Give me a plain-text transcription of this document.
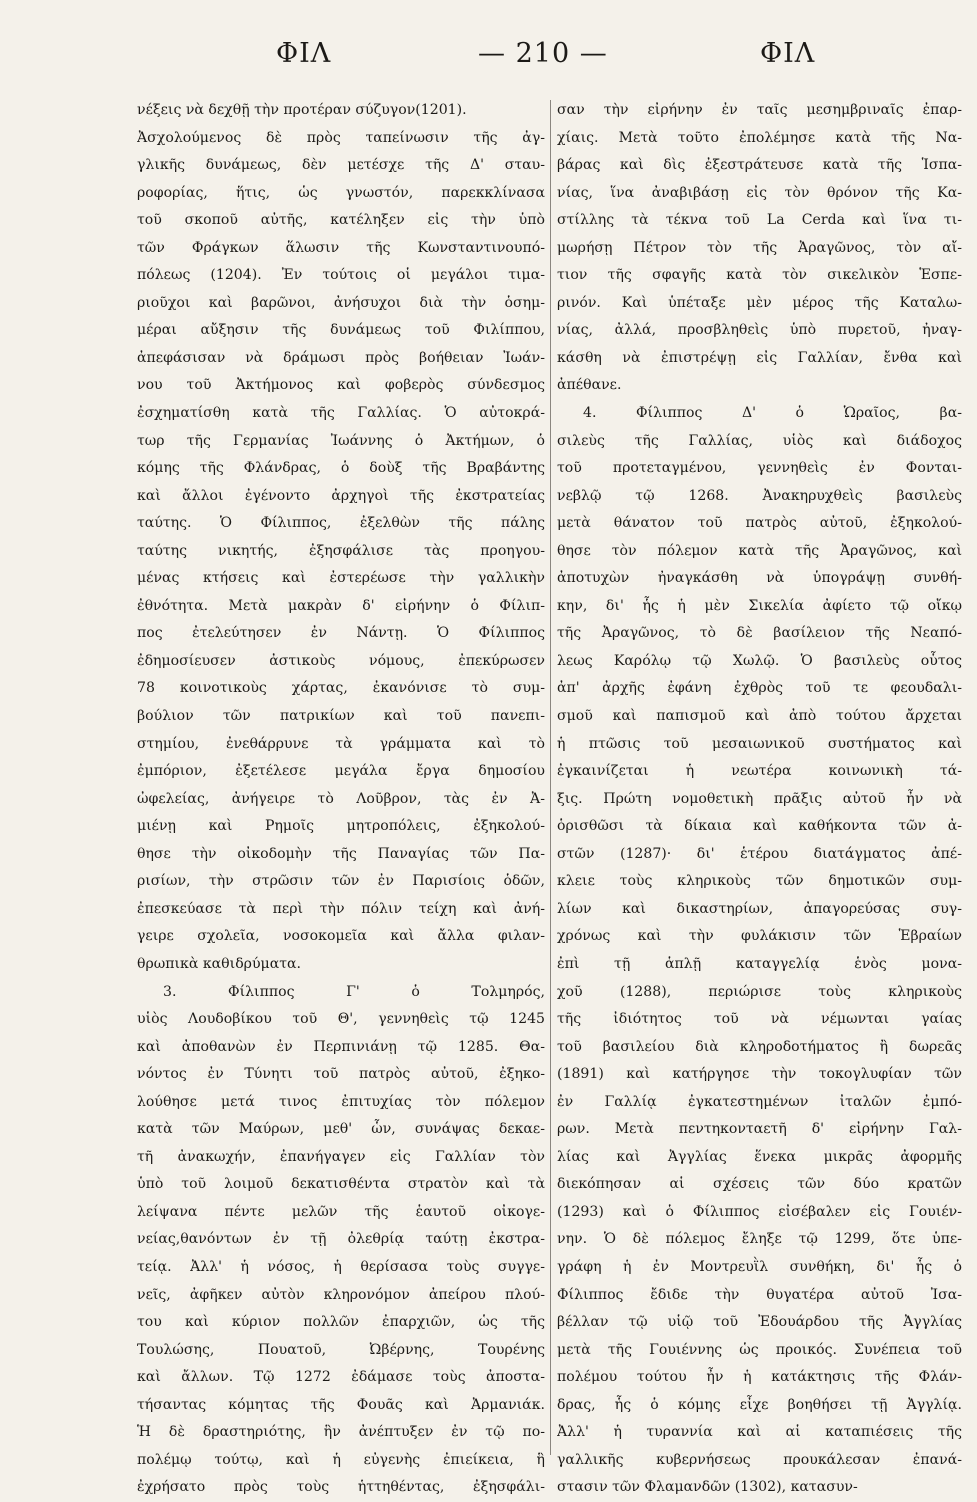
ΦΙΛ	— 210 —	ΦΙΛ
νέξεις νὰ δεχθῇ τὴν προτέραν σύζυγον(1201).
Ἀσχολούμενος δὲ πρὸς ταπείνωσιν τῆς ἀγ-
γλικῆς δυνάμεως, δὲν μετέσχε τῆς Δ' σταυ-
ροφορίας, ἥτις, ὡς γνωστόν, παρεκκλίνασα
τοῦ σκοποῦ αὐτῆς, κατέληξεν εἰς τὴν ὑπὸ
τῶν Φράγκων ἅλωσιν τῆς Κωνσταντινουπό-
πόλεως (1204). Ἐν τούτοις οἱ μεγάλοι τιμα-
ριοῦχοι καὶ βαρῶνοι, ἀνήσυχοι διὰ τὴν ὁσημ-
μέραι αὔξησιν τῆς δυνάμεως τοῦ Φιλίππου,
ἀπεφάσισαν νὰ δράμωσι πρὸς βοήθειαν Ἰωάν-
νου τοῦ Ἀκτήμονος καὶ φοβερὸς σύνδεσμος
ἐσχηματίσθη κατὰ τῆς Γαλλίας. Ὁ αὐτοκρά-
τωρ τῆς Γερμανίας Ἰωάννης ὁ Ἀκτήμων, ὁ
κόμης τῆς Φλάνδρας, ὁ δοὺξ τῆς Βραβάντης
καὶ ἄλλοι ἐγένοντο ἀρχηγοὶ τῆς ἐκστρατείας
ταύτης. Ὁ Φίλιππος, ἐξελθὼν τῆς πάλης
ταύτης νικητής, ἐξησφάλισε τὰς προηγου-
μένας κτήσεις καὶ ἐστερέωσε τὴν γαλλικὴν
ἐθνότητα. Μετὰ μακρὰν δ' εἰρήνην ὁ Φίλιπ-
πος ἐτελεύτησεν ἐν Νάντῃ. Ὁ Φίλιππος
ἐδημοσίευσεν ἀστικοὺς νόμους, ἐπεκύρωσεν
78 κοινοτικοὺς χάρτας, ἐκανόνισε τὸ συμ-
βούλιον τῶν πατρικίων καὶ τοῦ πανεπι-
στημίου, ἐνεθάρρυνε τὰ γράμματα καὶ τὸ
ἐμπόριον, ἐξετέλεσε μεγάλα ἔργα δημοσίου
ὠφελείας, ἀνήγειρε τὸ Λοῦβρον, τὰς ἐν Ἀ-
μιένῃ καὶ Ρημοῖς μητροπόλεις, ἐξηκολού-
θησε τὴν οἰκοδομὴν τῆς Παναγίας τῶν Πα-
ρισίων, τὴν στρῶσιν τῶν ἐν Παρισίοις ὁδῶν,
ἐπεσκεύασε τὰ περὶ τὴν πόλιν τείχη καὶ ἀνή-
γειρε σχολεῖα, νοσοκομεῖα καὶ ἄλλα φιλαν-
θρωπικὰ καθιδρύματα.
3. Φίλιππος Γ' ὁ Τολμηρός,
υἱὸς Λουδοβίκου τοῦ Θ', γεννηθεὶς τῷ 1245
καὶ ἀποθανὼν ἐν Περπινιάνῃ τῷ 1285. Θα-
νόντος ἐν Τύνητι τοῦ πατρὸς αὐτοῦ, ἐξηκο-
λούθησε μετά τινος ἐπιτυχίας τὸν πόλεμον
κατὰ τῶν Μαύρων, μεθ' ὧν, συνάψας δεκαε-
τῆ ἀνακωχήν, ἐπανήγαγεν εἰς Γαλλίαν τὸν
ὑπὸ τοῦ λοιμοῦ δεκατισθέντα στρατὸν καὶ τὰ
λείψανα πέντε μελῶν τῆς ἑαυτοῦ οἰκογε-
νείας,θανόντων ἐν τῇ ὀλεθρίᾳ ταύτῃ ἐκστρα-
τείᾳ. Ἀλλ' ἡ νόσος, ἡ θερίσασα τοὺς συγγε-
νεῖς, ἀφῆκεν αὐτὸν κληρονόμον ἀπείρου πλού-
του καὶ κύριον πολλῶν ἐπαρχιῶν, ὡς τῆς
Τουλώσης, Πουατοῦ, Ὠβέρνης, Τουρένης
καὶ ἄλλων. Τῷ 1272 ἐδάμασε τοὺς ἀποστα-
τήσαντας κόμητας τῆς Φουᾶς καὶ Ἀρμανιάκ.
Ἡ δὲ δραστηριότης, ἣν ἀνέπτυξεν ἐν τῷ πο-
πολέμῳ τούτῳ, καὶ ἡ εὐγενὴς ἐπιείκεια, ἣ
ἐχρήσατο πρὸς τοὺς ἡττηθέντας, ἐξησφάλι-
σαν τὴν εἰρήνην ἐν ταῖς μεσημβριναῖς ἐπαρ-
χίαις. Μετὰ τοῦτο ἐπολέμησε κατὰ τῆς Να-
βάρας καὶ δὶς ἐξεστράτευσε κατὰ τῆς Ἱσπα-
νίας, ἵνα ἀναβιβάσῃ εἰς τὸν θρόνον τῆς Κα-
στίλλης τὰ τέκνα τοῦ La Cerda καὶ ἵνα τι-
μωρήσῃ Πέτρον τὸν τῆς Ἀραγῶνος, τὸν αἴ-
τιον τῆς σφαγῆς κατὰ τὸν σικελικὸν Ἑσπε-
ρινόν. Καὶ ὑπέταξε μὲν μέρος τῆς Καταλω-
νίας, ἀλλά, προσβληθεὶς ὑπὸ πυρετοῦ, ἠναγ-
κάσθη νὰ ἐπιστρέψῃ εἰς Γαλλίαν, ἔνθα καὶ
ἀπέθανε.
4. Φίλιππος Δ' ὁ Ὡραῖος, βα-
σιλεὺς τῆς Γαλλίας, υἱὸς καὶ διάδοχος
τοῦ προτεταγμένου, γεννηθεὶς ἐν Φονται-
νεβλῷ τῷ 1268. Ἀνακηρυχθεὶς βασιλεὺς
μετὰ θάνατον τοῦ πατρὸς αὐτοῦ, ἐξηκολού-
θησε τὸν πόλεμον κατὰ τῆς Ἀραγῶνος, καὶ
ἀποτυχὼν ἠναγκάσθη νὰ ὑπογράψῃ συνθή-
κην, δι' ἧς ἡ μὲν Σικελία ἀφίετο τῷ οἴκῳ
τῆς Ἀραγῶνος, τὸ δὲ βασίλειον τῆς Νεαπό-
λεως Καρόλῳ τῷ Χωλῷ. Ὁ βασιλεὺς οὗτος
ἀπ' ἀρχῆς ἐφάνη ἐχθρὸς τοῦ τε φεουδαλι-
σμοῦ καὶ παπισμοῦ καὶ ἀπὸ τούτου ἄρχεται
ἡ πτῶσις τοῦ μεσαιωνικοῦ συστήματος καὶ
ἐγκαινίζεται ἡ νεωτέρα κοινωνικὴ τά-
ξις. Πρώτη νομοθετικὴ πρᾶξις αὐτοῦ ἦν νὰ
ὁρισθῶσι τὰ δίκαια καὶ καθήκοντα τῶν ἀ-
στῶν (1287)· δι' ἑτέρου διατάγματος ἀπέ-
κλειε τοὺς κληρικοὺς τῶν δημοτικῶν συμ-
λίων καὶ δικαστηρίων, ἀπαγορεύσας συγ-
χρόνως καὶ τὴν φυλάκισιν τῶν Ἑβραίων
ἐπὶ τῇ ἁπλῇ καταγγελίᾳ ἑνὸς μονα-
χοῦ (1288), περιώρισε τοὺς κληρικοὺς
τῆς ἰδιότητος τοῦ νὰ νέμωνται γαίας
τοῦ βασιλείου διὰ κληροδοτήματος ἢ δωρεᾶς
(1891) καὶ κατήργησε τὴν τοκογλυφίαν τῶν
ἐν Γαλλίᾳ ἐγκατεστημένων ἰταλῶν ἐμπό-
ρων. Μετὰ πεντηκονταετῆ δ' εἰρήνην Γαλ-
λίας καὶ Ἀγγλίας ἕνεκα μικρᾶς ἀφορμῆς
διεκόπησαν αἱ σχέσεις τῶν δύο κρατῶν
(1293) καὶ ὁ Φίλιππος εἰσέβαλεν εἰς Γουιέν-
νην. Ὁ δὲ πόλεμος ἔληξε τῷ 1299, ὅτε ὑπε-
γράφη ἡ ἐν Μοντρευῒλ συνθήκη, δι' ἧς ὁ
Φίλιππος ἔδιδε τὴν θυγατέρα αὐτοῦ Ἰσα-
βέλλαν τῷ υἱῷ τοῦ Ἐδουάρδου τῆς Ἀγγλίας
μετὰ τῆς Γουιέννης ὡς προικός. Συνέπεια τοῦ
πολέμου τούτου ἦν ἡ κατάκτησις τῆς Φλάν-
δρας, ἧς ὁ κόμης εἶχε βοηθήσει τῇ Ἀγγλίᾳ.
Ἀλλ' ἡ τυραννία καὶ αἱ καταπιέσεις τῆς
γαλλικῆς κυβερνήσεως προυκάλεσαν ἐπανά-
στασιν τῶν Φλαμανδῶν (1302), κατασυν-
